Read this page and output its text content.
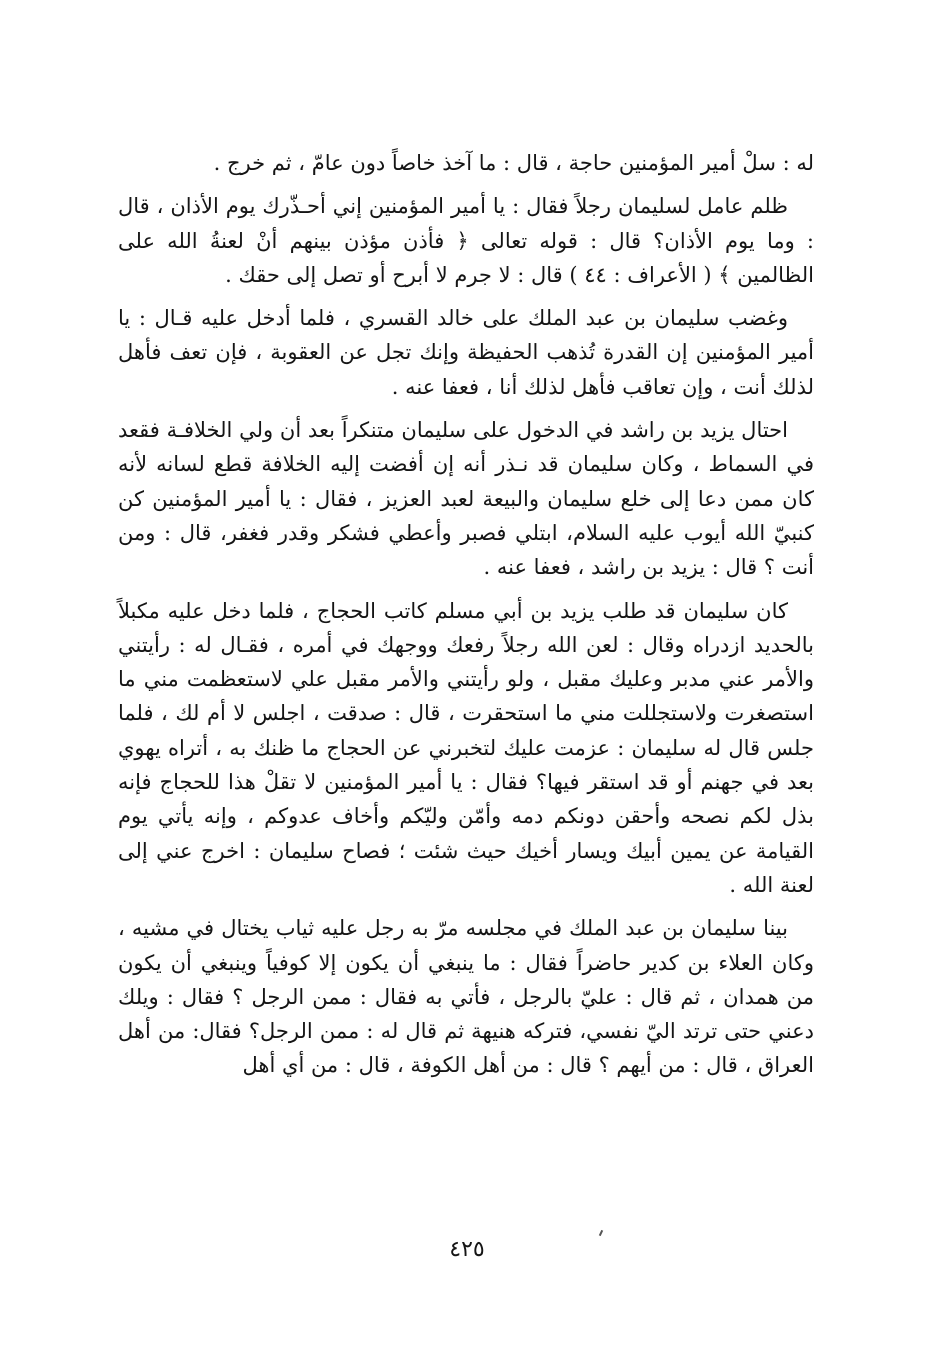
له : سلْ أمير المؤمنين حاجة ، قال : ما آخذ خاصاً دون عامّ ، ثم خرج .

ظلم عامل لسليمان رجلاً فقال : يا أمير المؤمنين إني أحـذّرك يوم الأذان ، قال : وما يوم الأذان؟ قال : قوله تعالى ﴿ فأذن مؤذن بينهم أنْ لعنةُ الله على الظالمين ﴾ ( الأعراف : ٤٤ ) قال : لا جرم لا أبرح أو تصل إلى حقك .

وغضب سليمان بن عبد الملك على خالد القسري ، فلما أدخل عليه قـال : يا أمير المؤمنين إن القدرة تُذهب الحفيظة وإنك تجل عن العقوبة ، فإن تعف فأهل لذلك أنت ، وإن تعاقب فأهل لذلك أنا ، فعفا عنه .

احتال يزيد بن راشد في الدخول على سليمان متنكراً بعد أن ولي الخلافـة فقعد في السماط ، وكان سليمان قد نـذر أنه إن أفضت إليه الخلافة قطع لسانه لأنه كان ممن دعا إلى خلع سليمان والبيعة لعبد العزيز ، فقال : يا أمير المؤمنين كن كنبيّ الله أيوب عليه السلام، ابتلي فصبر وأعطي فشكر وقدر فغفر، قال : ومن أنت ؟ قال : يزيد بن راشد ، فعفا عنه .

كان سليمان قد طلب يزيد بن أبي مسلم كاتب الحجاج ، فلما دخل عليه مكبلاً بالحديد ازدراه وقال : لعن الله رجلاً رفعك ووجهك في أمره ، فقـال له : رأيتني والأمر عني مدبر وعليك مقبل ، ولو رأيتني والأمر مقبل علي لاستعظمت مني ما استصغرت ولاستجللت مني ما استحقرت ، قال : صدقت ، اجلس لا أم لك ، فلما جلس قال له سليمان : عزمت عليك لتخبرني عن الحجاج ما ظنك به ، أتراه يهوي بعد في جهنم أو قد استقر فيها؟ فقال : يا أمير المؤمنين لا تقلْ هذا للحجاج فإنه بذل لكم نصحه وأحقن دونكم دمه وأمّن وليّكم وأخاف عدوكم ، وإنه يأتي يوم القيامة عن يمين أبيك ويسار أخيك حيث شئت ؛ فصاح سليمان : اخرج عني إلى لعنة الله .

بينا سليمان بن عبد الملك في مجلسه مرّ به رجل عليه ثياب يختال في مشيه ، وكان العلاء بن كدير حاضراً فقال : ما ينبغي أن يكون إلا كوفياً وينبغي أن يكون من همدان ، ثم قال : عليّ بالرجل ، فأتي به فقال : ممن الرجل ؟ فقال : ويلك دعني حتى ترتد اليّ نفسي، فتركه هنيهة ثم قال له : ممن الرجل؟ فقال: من أهل العراق ، قال : من أيهم ؟ قال : من أهل الكوفة ، قال : من أي أهل

٤٢٥
